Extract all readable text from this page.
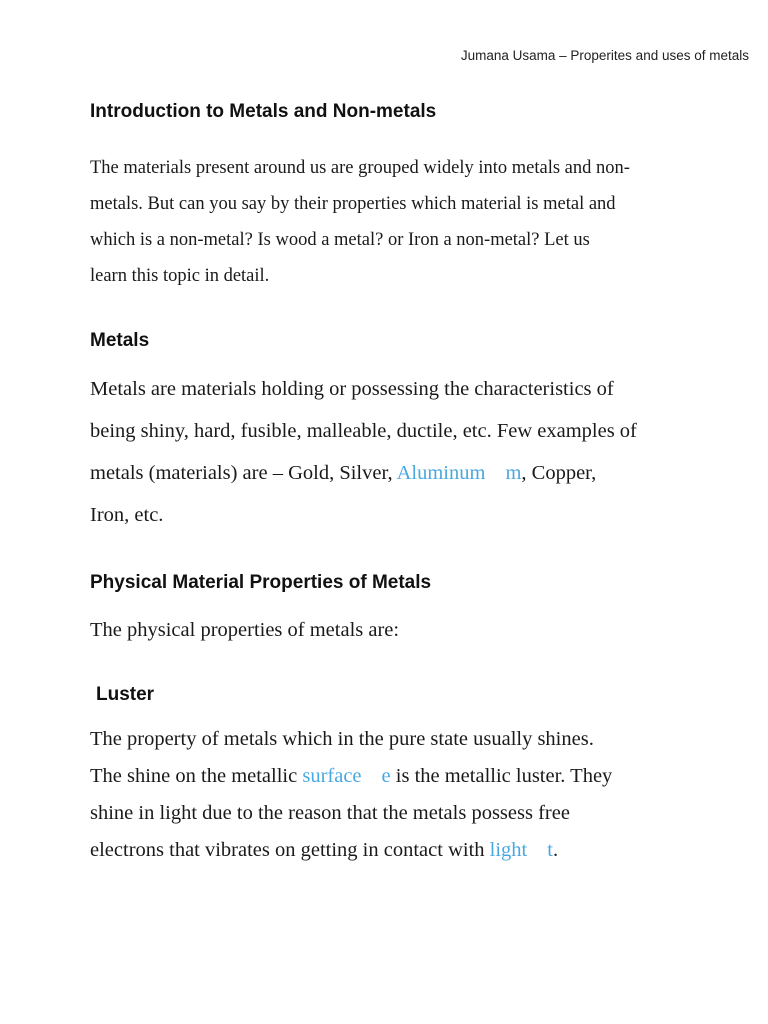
Jumana Usama – Properites and uses of metals
Introduction to Metals and Non-metals
The materials present around us are grouped widely into metals and non-
metals. But can you say by their properties which material is metal and
which is a non-metal? Is wood a metal? or Iron a non-metal? Let us
learn this topic in detail.
Metals
Metals are materials holding or possessing the characteristics of
being shiny, hard, fusible, malleable, ductile, etc. Few examples of
metals (materials) are – Gold, Silver, Aluminum m, Copper,
Iron, etc.
Physical Material Properties of Metals
The physical properties of metals are:
Luster
The property of metals which in the pure state usually shines.
The shine on the metallic surface e is the metallic luster. They
shine in light due to the reason that the metals possess free
electrons that vibrates on getting in contact with light t.
